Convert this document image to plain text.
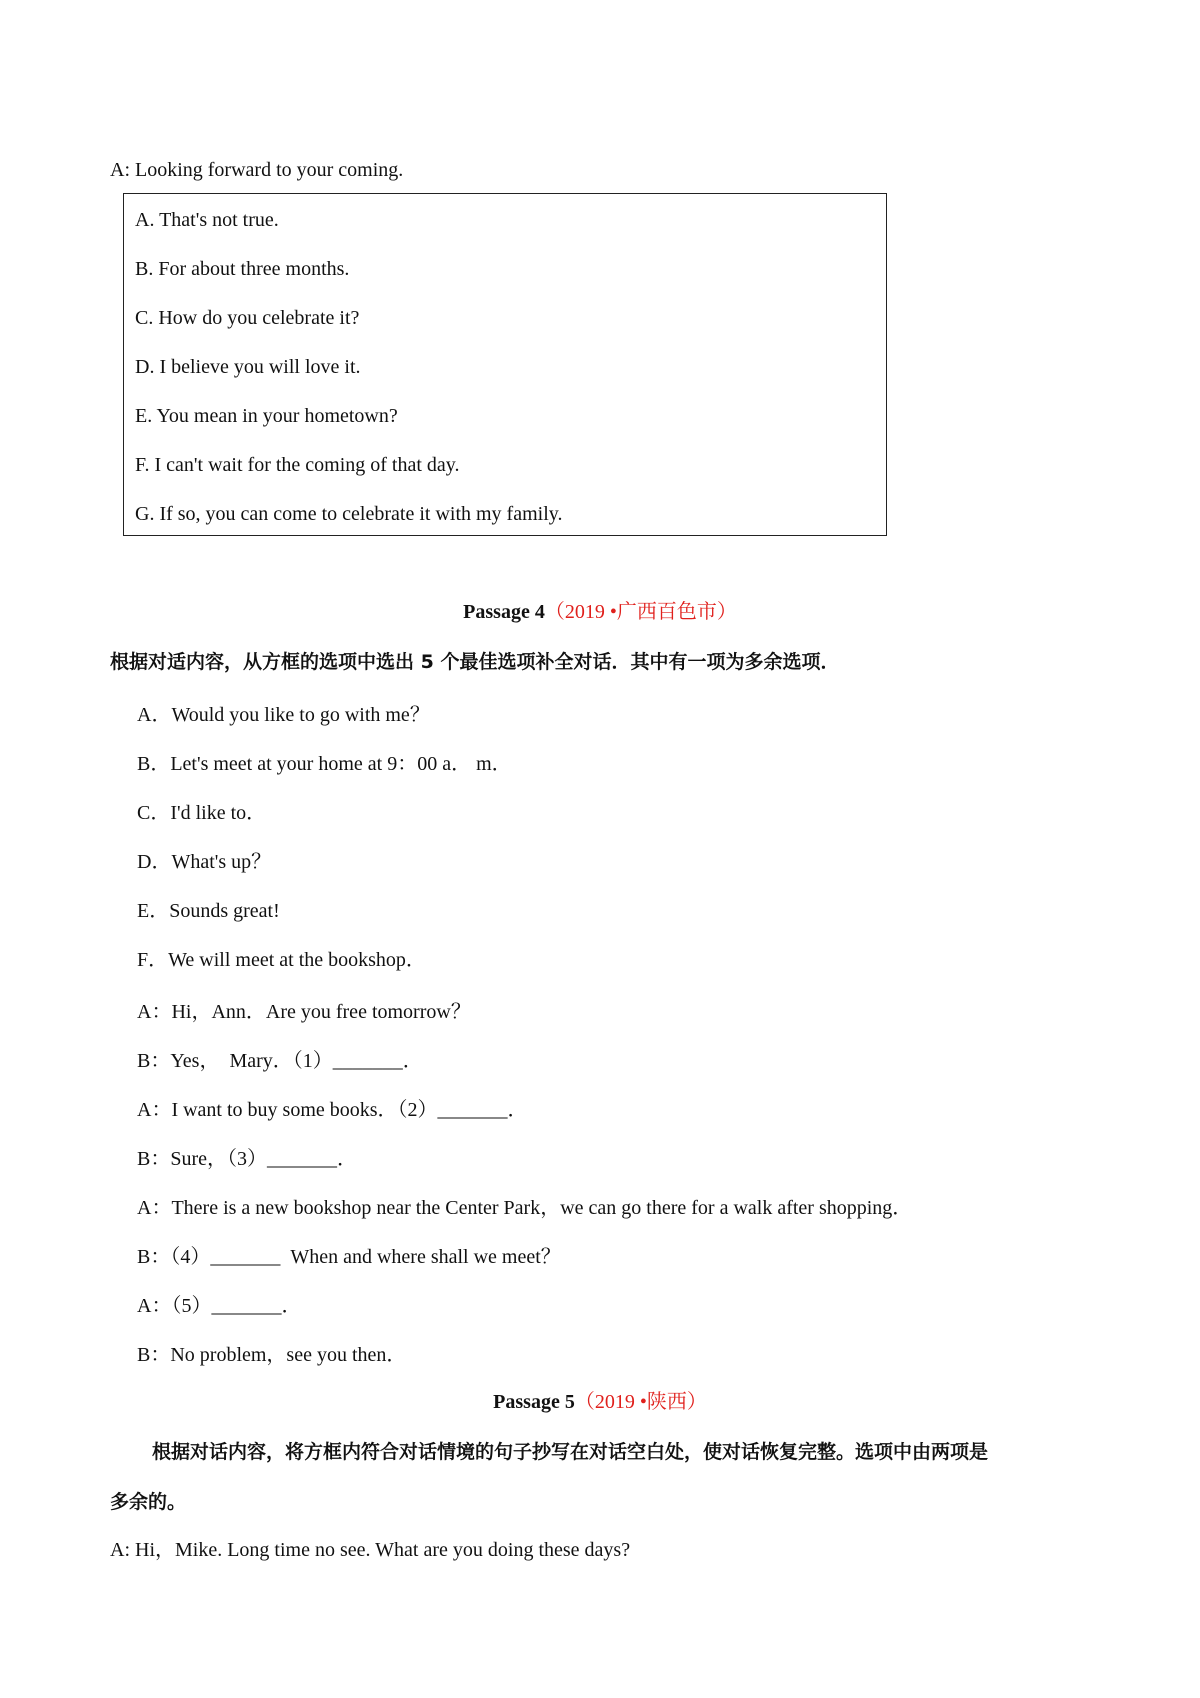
A: Looking forward to your coming.
A. That's not true.
B. For about three months.
C. How do you celebrate it?
D. I believe you will love it.
E. You mean in your hometown?
F. I can't wait for the coming of that day.
G. If so, you can come to celebrate it with my family.
Passage 4（2019 •广西百色市）
根据对适内容，从方框的选项中选出 5 个最佳选项补全对话．其中有一项为多余选项．
A．Would you like to go with me？
B．Let's meet at your home at 9：00 a． m．
C．I'd like to．
D．What's up？
E．Sounds great!
F．We will meet at the bookshop．
A：Hi，Ann．Are you free tomorrow？
B：Yes，  Mary．（1）_______．
A：I want to buy some books．（2）_______．
B：Sure，（3）_______．
A：There is a new bookshop near the Center Park，we can go there for a walk after shopping．
B：（4）_______  When and where shall we meet？
A：（5）_______．
B：No problem，see you then．
Passage 5（2019 •陕西）
根据对话内容，将方框内符合对话情境的句子抄写在对话空白处，使对话恢复完整。选项中由两项是
多余的。
A: Hi，Mike. Long time no see. What are you doing these days?
